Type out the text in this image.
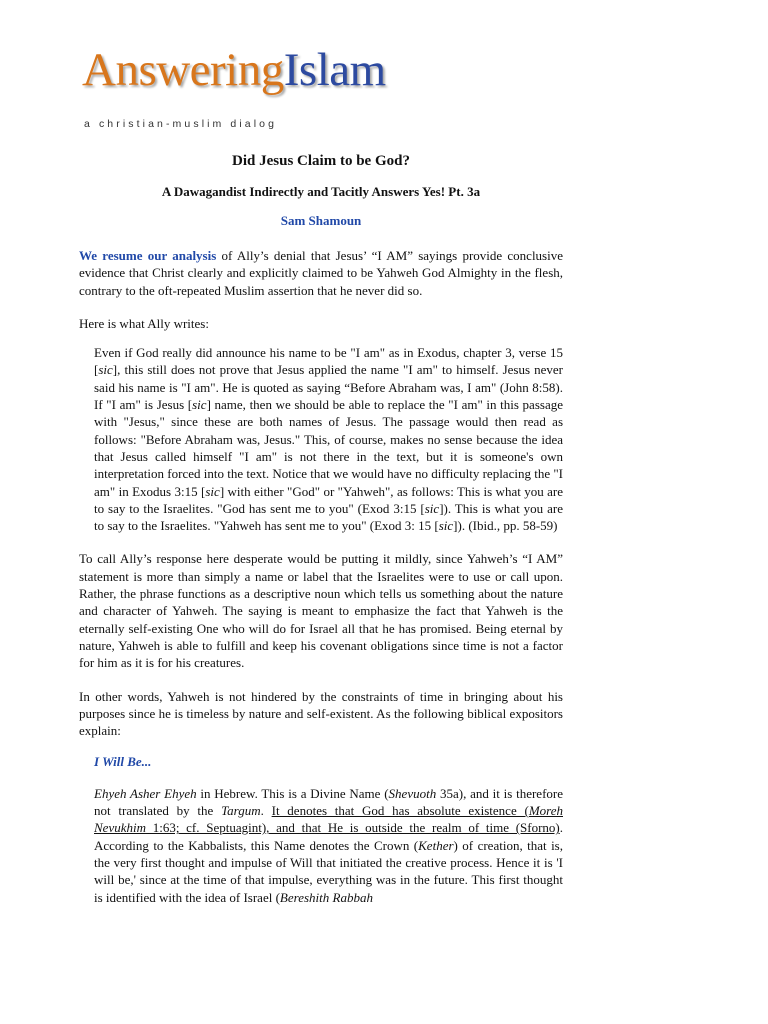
AnsweringIslam
a christian-muslim dialog
Did Jesus Claim to be God?
A Dawagandist Indirectly and Tacitly Answers Yes! Pt. 3a
Sam Shamoun

We resume our analysis of Ally’s denial that Jesus’ “I AM” sayings provide conclusive evidence that Christ clearly and explicitly claimed to be Yahweh God Almighty in the flesh, contrary to the oft-repeated Muslim assertion that he never did so.

Here is what Ally writes:

Even if God really did announce his name to be "I am" as in Exodus, chapter 3, verse 15 [sic], this still does not prove that Jesus applied the name "I am" to himself. Jesus never said his name is "I am". He is quoted as saying “Before Abraham was, I am" (John 8:58). If "I am" is Jesus [sic] name, then we should be able to replace the "I am" in this passage with "Jesus," since these are both names of Jesus. The passage would then read as follows: "Before Abraham was, Jesus." This, of course, makes no sense because the idea that Jesus called himself "I am" is not there in the text, but it is someone's own interpretation forced into the text. Notice that we would have no difficulty replacing the "I am" in Exodus 3:15 [sic] with either "God" or "Yahweh", as follows: This is what you are to say to the Israelites. "God has sent me to you" (Exod 3:15 [sic]). This is what you are to say to the Israelites. "Yahweh has sent me to you" (Exod 3: 15 [sic]). (Ibid., pp. 58-59)

To call Ally’s response here desperate would be putting it mildly, since Yahweh’s “I AM” statement is more than simply a name or label that the Israelites were to use or call upon. Rather, the phrase functions as a descriptive noun which tells us something about the nature and character of Yahweh. The saying is meant to emphasize the fact that Yahweh is the eternally self-existing One who will do for Israel all that he has promised. Being eternal by nature, Yahweh is able to fulfill and keep his covenant obligations since time is not a factor for him as it is for his creatures.

In other words, Yahweh is not hindered by the constraints of time in bringing about his purposes since he is timeless by nature and self-existent. As the following biblical expositors explain:

I Will Be...
Ehyeh Asher Ehyeh in Hebrew. This is a Divine Name (Shevuoth 35a), and it is therefore not translated by the Targum. It denotes that God has absolute existence (Moreh Nevukhim 1:63; cf. Septuagint), and that He is outside the realm of time (Sforno). According to the Kabbalists, this Name denotes the Crown (Kether) of creation, that is, the very first thought and impulse of Will that initiated the creative process. Hence it is 'I will be,' since at the time of that impulse, everything was in the future. This first thought is identified with the idea of Israel (Bereshith Rabbah
